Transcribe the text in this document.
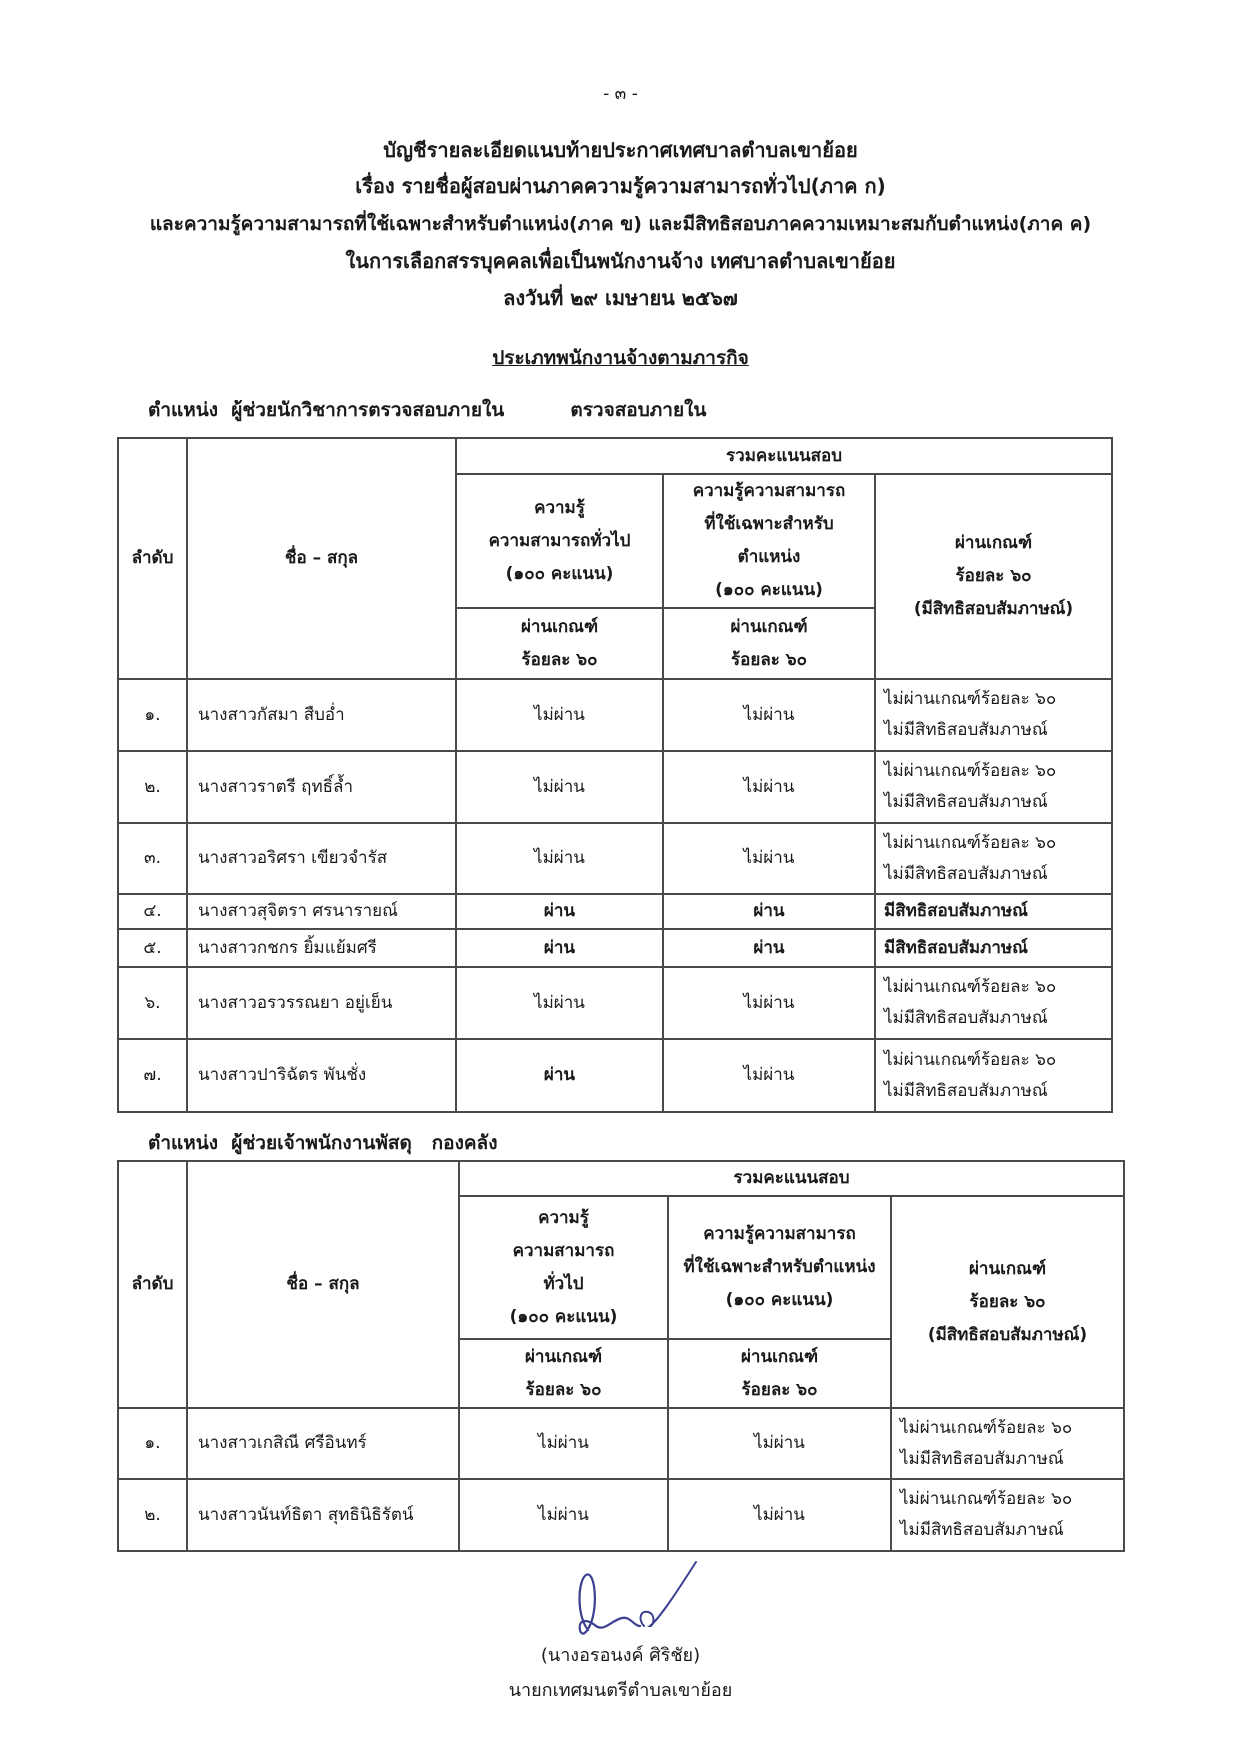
- ๓ -
บัญชีรายละเอียดแนบท้ายประกาศเทศบาลตำบลเขาย้อย
เรื่อง รายชื่อผู้สอบผ่านภาคความรู้ความสามารถทั่วไป(ภาค ก)
และความรู้ความสามารถที่ใช้เฉพาะสำหรับตำแหน่ง(ภาค ข) และมีสิทธิสอบภาคความเหมาะสมกับตำแหน่ง(ภาค ค)
ในการเลือกสรรบุคคลเพื่อเป็นพนักงานจ้าง เทศบาลตำบลเขาย้อย
ลงวันที่ ๒๙ เมษายน ๒๕๖๗
ประเภทพนักงานจ้างตามภารกิจ
ตำแหน่ง  ผู้ช่วยนักวิชาการตรวจสอบภายใน          ตรวจสอบภายใน
ลำดับ	ชื่อ – สกุล	รวมคะแนนสอบ		

		ความรู้
ความสามารถทั่วไป
(๑๐๐ คะแนน)	ความรู้ความสามารถ
ที่ใช้เฉพาะสำหรับ
ตำแหน่ง
(๑๐๐ คะแนน)	ผ่านเกณฑ์
ร้อยละ ๖๐
(มีสิทธิสอบสัมภาษณ์)

		ผ่านเกณฑ์
ร้อยละ ๖๐	ผ่านเกณฑ์
ร้อยละ ๖๐	

๑.	นางสาวกัสมา สืบอ่ำ	ไม่ผ่าน	ไม่ผ่าน	ไม่ผ่านเกณฑ์ร้อยละ ๖๐
ไม่มีสิทธิสอบสัมภาษณ์

๒.	นางสาวราตรี ฤทธิ์ล้ำ	ไม่ผ่าน	ไม่ผ่าน	ไม่ผ่านเกณฑ์ร้อยละ ๖๐
ไม่มีสิทธิสอบสัมภาษณ์

๓.	นางสาวอริศรา เขียวจำรัส	ไม่ผ่าน	ไม่ผ่าน	ไม่ผ่านเกณฑ์ร้อยละ ๖๐
ไม่มีสิทธิสอบสัมภาษณ์

๔.	นางสาวสุจิตรา ศรนารายณ์	ผ่าน	ผ่าน	มีสิทธิสอบสัมภาษณ์

๕.	นางสาวกชกร ยิ้มแย้มศรี	ผ่าน	ผ่าน	มีสิทธิสอบสัมภาษณ์

๖.	นางสาวอรวรรณยา อยู่เย็น	ไม่ผ่าน	ไม่ผ่าน	ไม่ผ่านเกณฑ์ร้อยละ ๖๐
ไม่มีสิทธิสอบสัมภาษณ์

๗.	นางสาวปาริฉัตร พันชั่ง	ผ่าน	ไม่ผ่าน	ไม่ผ่านเกณฑ์ร้อยละ ๖๐
ไม่มีสิทธิสอบสัมภาษณ์
ตำแหน่ง  ผู้ช่วยเจ้าพนักงานพัสดุ   กองคลัง
ลำดับ	ชื่อ – สกุล	รวมคะแนนสอบ		

		ความรู้
ความสามารถ
ทั่วไป
(๑๐๐ คะแนน)	ความรู้ความสามารถ
ที่ใช้เฉพาะสำหรับตำแหน่ง
(๑๐๐ คะแนน)	ผ่านเกณฑ์
ร้อยละ ๖๐
(มีสิทธิสอบสัมภาษณ์)

		ผ่านเกณฑ์
ร้อยละ ๖๐	ผ่านเกณฑ์
ร้อยละ ๖๐	

๑.	นางสาวเกสิณี ศรีอินทร์	ไม่ผ่าน	ไม่ผ่าน	ไม่ผ่านเกณฑ์ร้อยละ ๖๐
ไม่มีสิทธิสอบสัมภาษณ์

๒.	นางสาวนันท์ธิตา สุทธินิธิรัตน์	ไม่ผ่าน	ไม่ผ่าน	ไม่ผ่านเกณฑ์ร้อยละ ๖๐
ไม่มีสิทธิสอบสัมภาษณ์
(นางอรอนงค์ ศิริชัย)
นายกเทศมนตรีตำบลเขาย้อย
